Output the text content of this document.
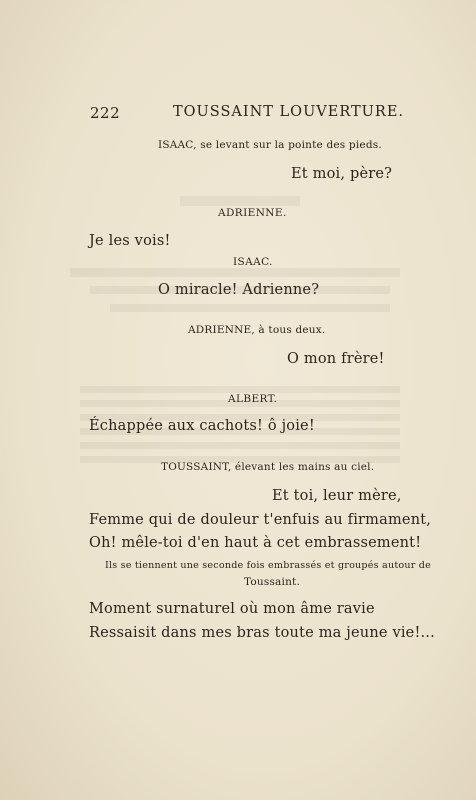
222	TOUSSAINT LOUVERTURE.
ISAAC, se levant sur la pointe des pieds.
Et moi, père?
ADRIENNE.
Je les vois!
ISAAC.
O miracle! Adrienne?
ADRIENNE, à tous deux.
O mon frère!
ALBERT.
Échappée aux cachots! ô joie!
TOUSSAINT, élevant les mains au ciel.
Et toi, leur mère,
Femme qui de douleur t'enfuis au firmament,
Oh! mêle-toi d'en haut à cet embrassement!
Ils se tiennent une seconde fois embrassés et groupés autour de
Toussaint.
Moment surnaturel où mon âme ravie
Ressaisit dans mes bras toute ma jeune vie!...
